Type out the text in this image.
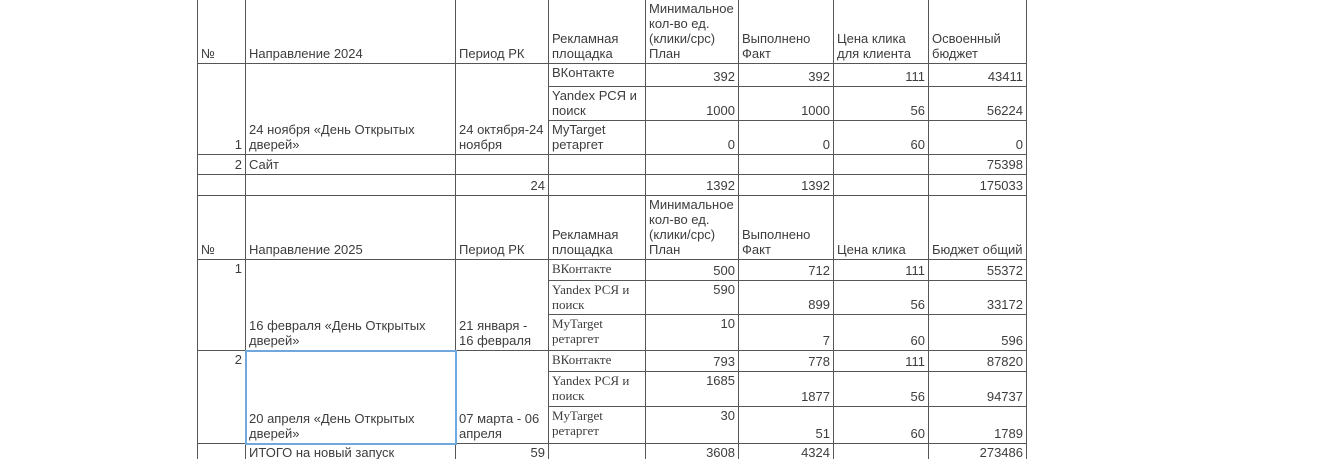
№	Направление 2024	Период РК	Рекламная площадка	Минимальное кол-во ед. (клики/срс) План	Выполнено Факт	Цена клика для клиента	Освоенный бюджет
1	24 ноября «День Открытых дверей»	24 октября-24 ноября	ВКонтакте	392	392	111	43411
			Yandex РСЯ и поиск	1000	1000	56	56224
			MyTarget ретаргет	0	0	60	0
2	Сайт						75398
		24		1392	1392		175033
№	Направление 2025	Период РК	Рекламная площадка	Минимальное кол-во ед. (клики/срс) План	Выполнено Факт	Цена клика	Бюджет общий
1	16 февраля «День Открытых дверей»	21 января - 16 февраля	ВКонтакте	500	712	111	55372
			Yandex РСЯ и поиск	590	899	56	33172
			MyTarget ретаргет	10	7	60	596
2	20 апреля «День Открытых дверей»	07 марта - 06 апреля	ВКонтакте	793	778	111	87820
			Yandex РСЯ и поиск	1685	1877	56	94737
			MyTarget ретаргет	30	51	60	1789
	ИТОГО на новый запуск	59		3608	4324		273486
